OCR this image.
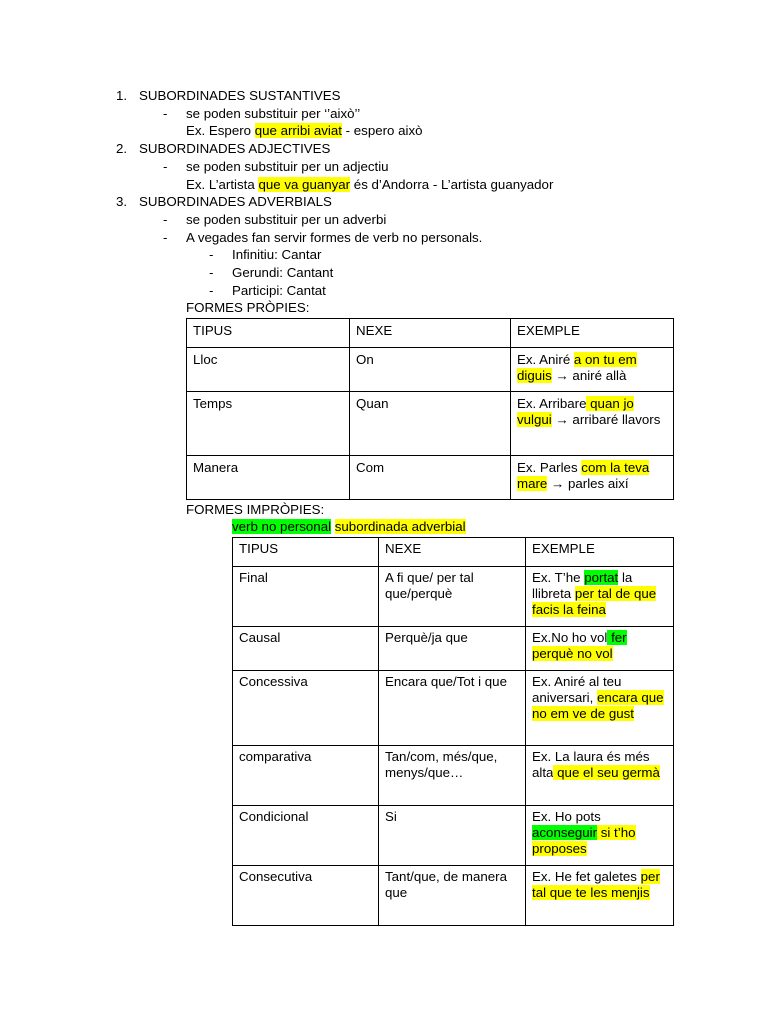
1. SUBORDINADES SUSTANTIVES
- se poden substituir per ‘’això’’
Ex. Espero que arribi aviat - espero això
2. SUBORDINADES ADJECTIVES
- se poden substituir per un adjectiu
Ex. L’artista que va guanyar és d’Andorra - L’artista guanyador
3. SUBORDINADES ADVERBIALS
- se poden substituir per un adverbi
- A vegades fan servir formes de verb no personals.
- Infinitiu: Cantar
- Gerundi: Cantant
- Participi: Cantat
FORMES PRÒPIES:
TIPUS	NEXE	EXEMPLE
Lloc	On	Ex. Aniré a on tu em diguis → aniré allà
Temps	Quan	Ex. Arribare quan jo vulgui → arribaré llavors
Manera	Com	Ex. Parles com la teva mare → parles així
FORMES IMPRÒPIES:
verb no personal subordinada adverbial
TIPUS	NEXE	EXEMPLE
Final	A fi que/ per tal que/perquè	Ex. T’he portat la llibreta per tal de que facis la feina
Causal	Perquè/ja que	Ex.No ho vol fer perquè no vol
Concessiva	Encara que/Tot i que	Ex. Aniré al teu aniversari, encara que no em ve de gust
comparativa	Tan/com, més/que, menys/que…	Ex. La laura és més alta que el seu germà
Condicional	Si	Ex. Ho pots aconseguir si t’ho proposes
Consecutiva	Tant/que, de manera que	Ex. He fet galetes per tal que te les menjis
